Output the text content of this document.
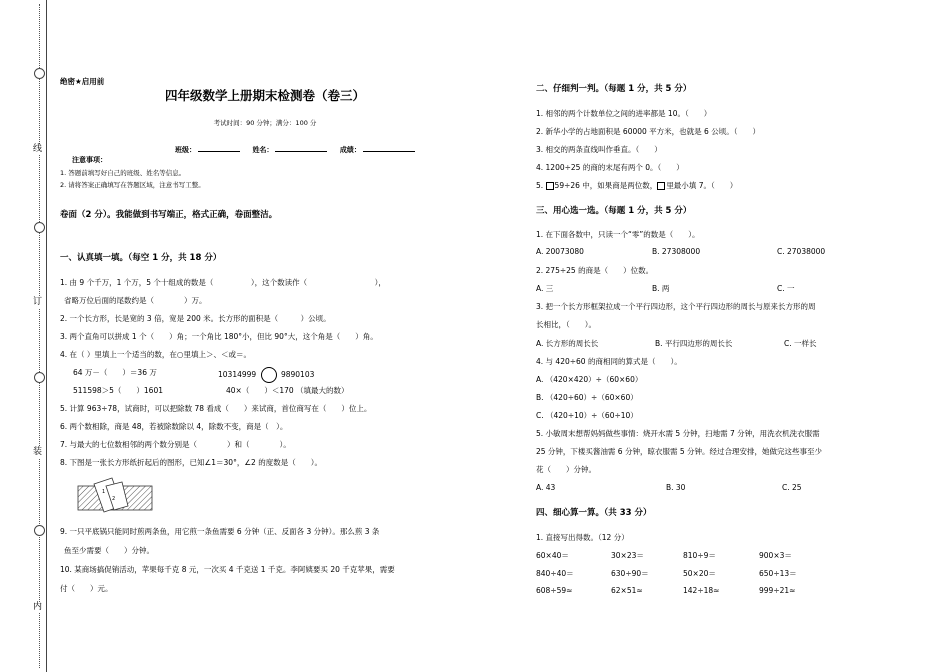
线
订
装
内
绝密★启用前
四年级数学上册期末检测卷（卷三）
考试时间：90 分钟；满分：100 分
班级：	姓名：	成绩：
注意事项：
1. 答题前填写好自己的班级、姓名等信息。
2. 请将答案正确填写在答题区域，注意书写工整。
卷面（2 分）。我能做到书写端正，格式正确，卷面整洁。
一、认真填一填。（每空 1 分，共 18 分）
1. 由 9 个千万，1 个万，5 个十组成的数是（　　　　　），这个数读作（　　　　　　　　　），
省略万位后面的尾数约是（　　　　）万。
2. 一个长方形，长是宽的 3 倍，宽是 200 米。长方形的面积是（　　　）公顷。
3. 两个直角可以拼成 1 个（　　）角；一个角比 180°小，但比 90°大，这个角是（　　）角。
4. 在（ ）里填上一个适当的数，在○里填上＞、＜或＝。
64 万－（　　）＝36 万	10314999	9890103
511598＞5（　　）1601	40×（　　）＜170 （填最大的数）
5. 计算 963÷78，试商时，可以把除数 78 看成（　　）来试商，首位商写在（　　）位上。
6. 两个数相除，商是 48，若被除数除以 4，除数不变，商是（　）。
7. 与最大的七位数相邻的两个数分别是（　　　　）和（　　　　）。
8. 下图是一张长方形纸折起后的图形，已知∠1＝30°，∠2 的度数是（　　）。
1
2
9. 一只平底锅只能同时煎两条鱼，用它煎一条鱼需要 6 分钟（正、反面各 3 分钟）。那么煎 3 条
鱼至少需要（　　）分钟。
10. 某商场搞促销活动，苹果每千克 8 元，一次买 4 千克送 1 千克。李阿姨要买 20 千克苹果，需要
付（　　）元。
二、仔细判一判。（每题 1 分，共 5 分）
1. 相邻的两个计数单位之间的进率都是 10。（　　）
2. 新华小学的占地面积是 60000 平方米，也就是 6 公顷。（　　）
3. 相交的两条直线叫作垂直。（　　）
4. 1200÷25 的商的末尾有两个 0。（　　）
5. 59÷26 中，如果商是两位数， 里最小填 7。（　　）
三、用心选一选。（每题 1 分，共 5 分）
1. 在下面各数中，只读一个“零”的数是（　　）。
A. 20073080	B. 27308000	C. 27038000
2. 275÷25 的商是（　　）位数。
A. 三	B. 两	C. 一
3. 把一个长方形框架拉成一个平行四边形，这个平行四边形的周长与原来长方形的周
长相比，（　　）。
A. 长方形的周长长	B. 平行四边形的周长长	C. 一样长
4. 与 420÷60 的商相同的算式是（　　）。
A. （420×420）÷（60×60）
B. （420÷60）÷（60×60）
C. （420÷10）÷（60÷10）
5. 小敏周末想帮妈妈做些事情：烧开水需 5 分钟，扫地需 7 分钟，用洗衣机洗衣服需
25 分钟，下楼买酱油需 6 分钟，晾衣服需 5 分钟。经过合理安排，她做完这些事至少
花（　　）分钟。
A. 43	B. 30	C. 25
四、细心算一算。（共 33 分）
1. 直接写出得数。（12 分）
60×40＝	30×23＝	810÷9＝	900×3＝
840÷40＝	630÷90＝	50×20＝	650÷13＝
608÷59≈	62×51≈	142÷18≈	999÷21≈
